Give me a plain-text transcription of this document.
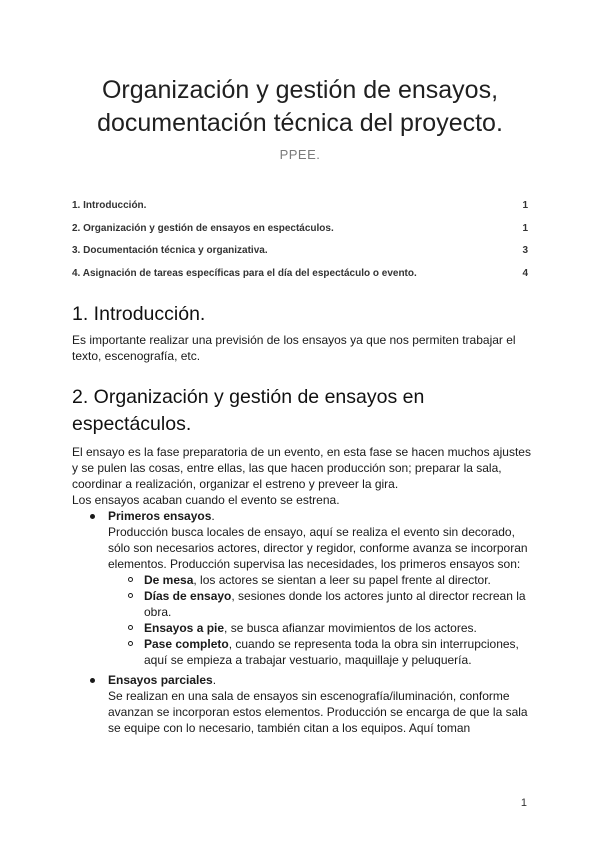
Organización y gestión de ensayos,
documentación técnica del proyecto.
PPEE.
1. Introducción.	1
2. Organización y gestión de ensayos en espectáculos.	1
3. Documentación técnica y organizativa.	3
4. Asignación de tareas específicas para el día del espectáculo o evento.	4
1. Introducción.

Es importante realizar una previsión de los ensayos ya que nos permiten trabajar el texto, escenografía, etc.

2. Organización y gestión de ensayos en
espectáculos.

El ensayo es la fase preparatoria de un evento, en esta fase se hacen muchos ajustes y se pulen las cosas, entre ellas, las que hacen producción son; preparar la sala, coordinar a realización, organizar el estreno y preveer la gira.

Los ensayos acaban cuando el evento se estrena.

Primeros ensayos.
Producción busca locales de ensayo, aquí se realiza el evento sin decorado, sólo son necesarios actores, director y regidor, conforme avanza se incorporan elementos. Producción supervisa las necesidades, los primeros ensayos son:
De mesa, los actores se sientan a leer su papel frente al director.
Días de ensayo, sesiones donde los actores junto al director recrean la obra.
Ensayos a pie, se busca afianzar movimientos de los actores.
Pase completo, cuando se representa toda la obra sin interrupciones, aquí se empieza a trabajar vestuario, maquillaje y peluquería.
Ensayos parciales.
Se realizan en una sala de ensayos sin escenografía/iluminación, conforme avanzan se incorporan estos elementos. Producción se encarga de que la sala se equipe con lo necesario, también citan a los equipos. Aquí toman
1
